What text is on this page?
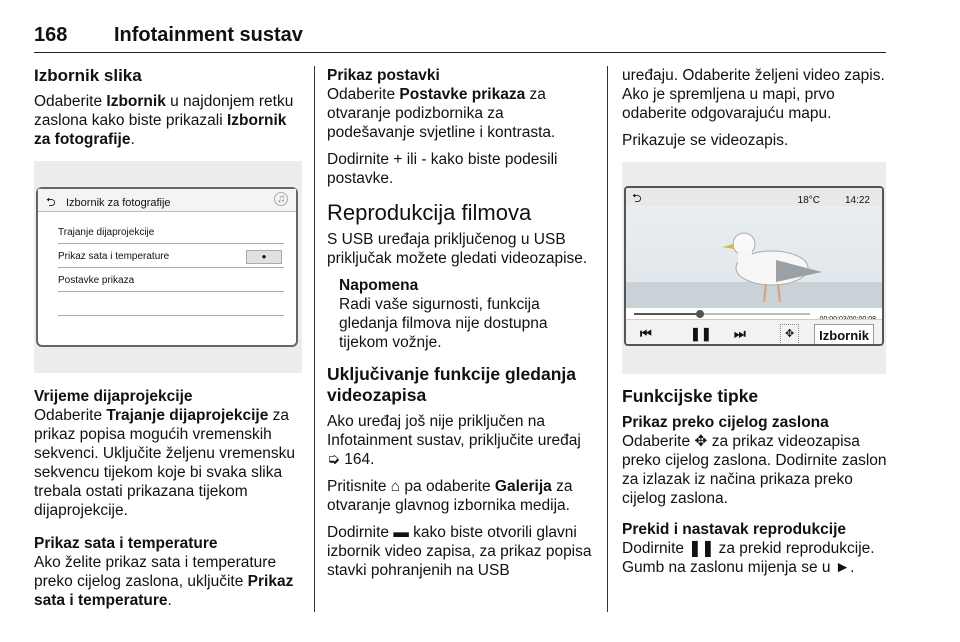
168 Infotainment sustav
Izbornik slika

Odaberite Izbornik u najdonjem retku zaslona kako biste prikazali Izbornik za fotografije.

⮌ Izbornik za fotografije	♫
Trajanje dijaprojekcije
Prikaz sata i temperature	●
Postavke prikaza
Vrijeme dijaprojekcije

Odaberite Trajanje dijaprojekcije za prikaz popisa mogućih vremenskih sekvenci. Uključite željenu vremensku sekvencu tijekom koje bi svaka slika trebala ostati prikazana tijekom dijaprojekcije.

Prikaz sata i temperature

Ako želite prikaz sata i temperature preko cijelog zaslona, uključite Prikaz sata i temperature.

Prikaz postavki

Odaberite Postavke prikaza za otvaranje podizbornika za podešavanje svjetline i kontrasta.

Dodirnite + ili - kako biste podesili postavke.

Reprodukcija filmova

S USB uređaja priključenog u USB priključak možete gledati videozapise.

Napomena
Radi vaše sigurnosti, funkcija gledanja filmova nije dostupna tijekom vožnje.
Uključivanje funkcije gledanja videozapisa

Ako uređaj još nije priključen na Infotainment sustav, priključite uređaj ➭ 164.

Pritisnite ⌂ pa odaberite Galerija za otvaranje glavnog izbornika medija.

Dodirnite ▬ kako biste otvorili glavni izbornik video zapisa, za prikaz popisa stavki pohranjenih na USB

uređaju. Odaberite željeni video zapis. Ako je spremljena u mapi, prvo odaberite odgovarajuću mapu.

Prikazuje se videozapis.

⮌	18°C 14:22
⏮	❚❚ ⏭	✥	Izbornik
Funkcijske tipke
Prikaz preko cijelog zaslona

Odaberite ✥ za prikaz videozapisa preko cijelog zaslona. Dodirnite zaslon za izlazak iz načina prikaza preko cijelog zaslona.

Prekid i nastavak reprodukcije

Dodirnite ❚❚ za prekid reprodukcije. Gumb na zaslonu mijenja se u ►.
